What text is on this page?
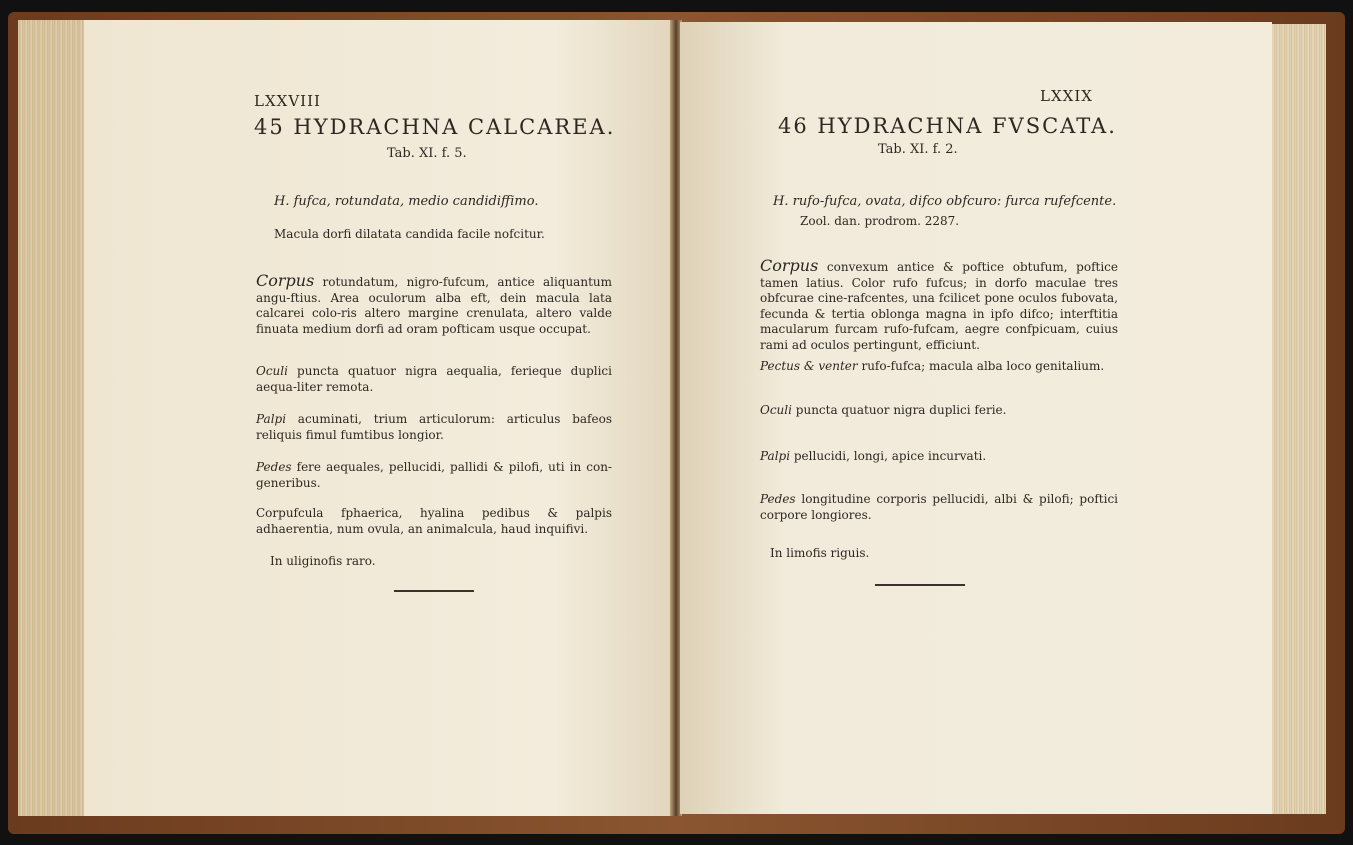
LXXVIII
45 HYDRACHNA CALCAREA.
Tab. XI. f. 5.
H. fufca, rotundata, medio candidiffimo.

Macula dorfi dilatata candida facile nofcitur.

Corpus rotundatum, nigro-fufcum, antice aliquantum angu-ftius. Area oculorum alba eft, dein macula lata calcarei colo-ris altero margine crenulata, altero valde finuata medium dorfi ad oram pofticam usque occupat.

Oculi puncta quatuor nigra aequalia, ferieque duplici aequa-liter remota.

Palpi acuminati, trium articulorum: articulus bafeos reliquis fimul fumtibus longior.

Pedes fere aequales, pellucidi, pallidi & pilofi, uti in con-generibus.

Corpufcula fphaerica, hyalina pedibus & palpis adhaerentia, num ovula, an animalcula, haud inquifivi.

In uliginofis raro.

LXXIX
46 HYDRACHNA FVSCATA.
Tab. XI. f. 2.
H. rufo-fufca, ovata, difco obfcuro: furca rufefcente.
Zool. dan. prodrom. 2287.

Corpus convexum antice & poftice obtufum, poftice tamen latius. Color rufo fufcus; in dorfo maculae tres obfcurae cine-rafcentes, una fcilicet pone oculos fubovata, fecunda & tertia oblonga magna in ipfo difco; interftitia macularum furcam rufo-fufcam, aegre confpicuam, cuius rami ad oculos pertingunt, efficiunt.

Pectus & venter rufo-fufca; macula alba loco genitalium.

Oculi puncta quatuor nigra duplici ferie.

Palpi pellucidi, longi, apice incurvati.

Pedes longitudine corporis pellucidi, albi & pilofi; poftici corpore longiores.

In limofis riguis.
